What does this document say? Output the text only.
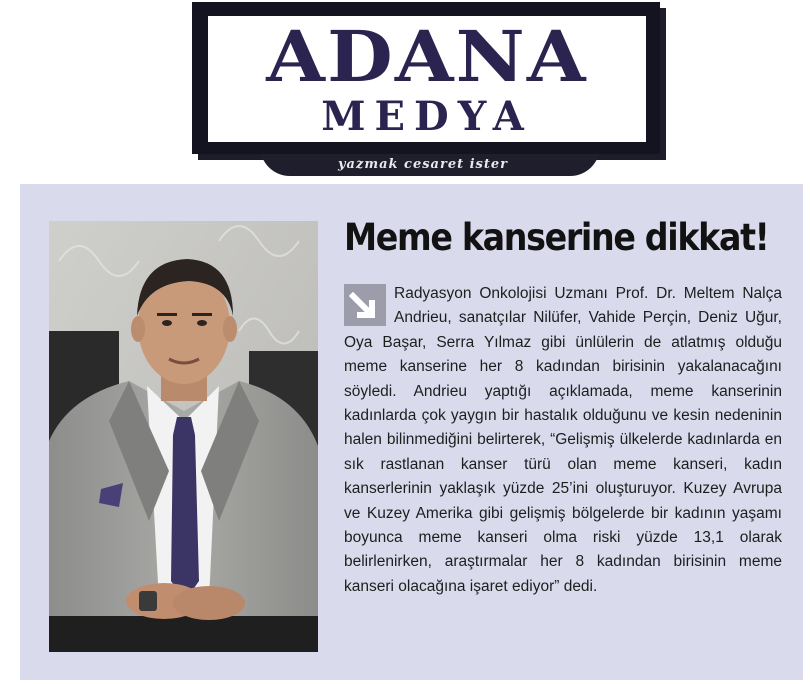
ADANA
MEDYA
yazmak cesaret ister
Meme kanserine dikkat!
Radyasyon Onkolojisi Uzmanı Prof. Dr. Meltem Nalça Andrieu, sanatçılar Nilüfer, Vahide Perçin, Deniz Uğur, Oya Başar, Serra Yılmaz gibi ünlülerin de atlatmış olduğu meme kanserine her 8 kadından birisinin yakalanacağını söyledi. Andrieu yaptığı açıklamada, meme kanserinin kadınlarda çok yaygın bir hastalık olduğunu ve kesin nedeninin halen bilinmediğini belirterek, “Gelişmiş ülkelerde kadınlarda en sık rastlanan kanser türü olan meme kanseri, kadın kanserlerinin yaklaşık yüzde 25’ini oluşturuyor. Kuzey Avrupa ve Kuzey Amerika gibi gelişmiş bölgelerde bir kadının yaşamı boyunca meme kanseri olma riski yüzde 13,1 olarak belirlenirken, araştırmalar her 8 kadından birisinin meme kanseri olacağına işaret ediyor” dedi.
